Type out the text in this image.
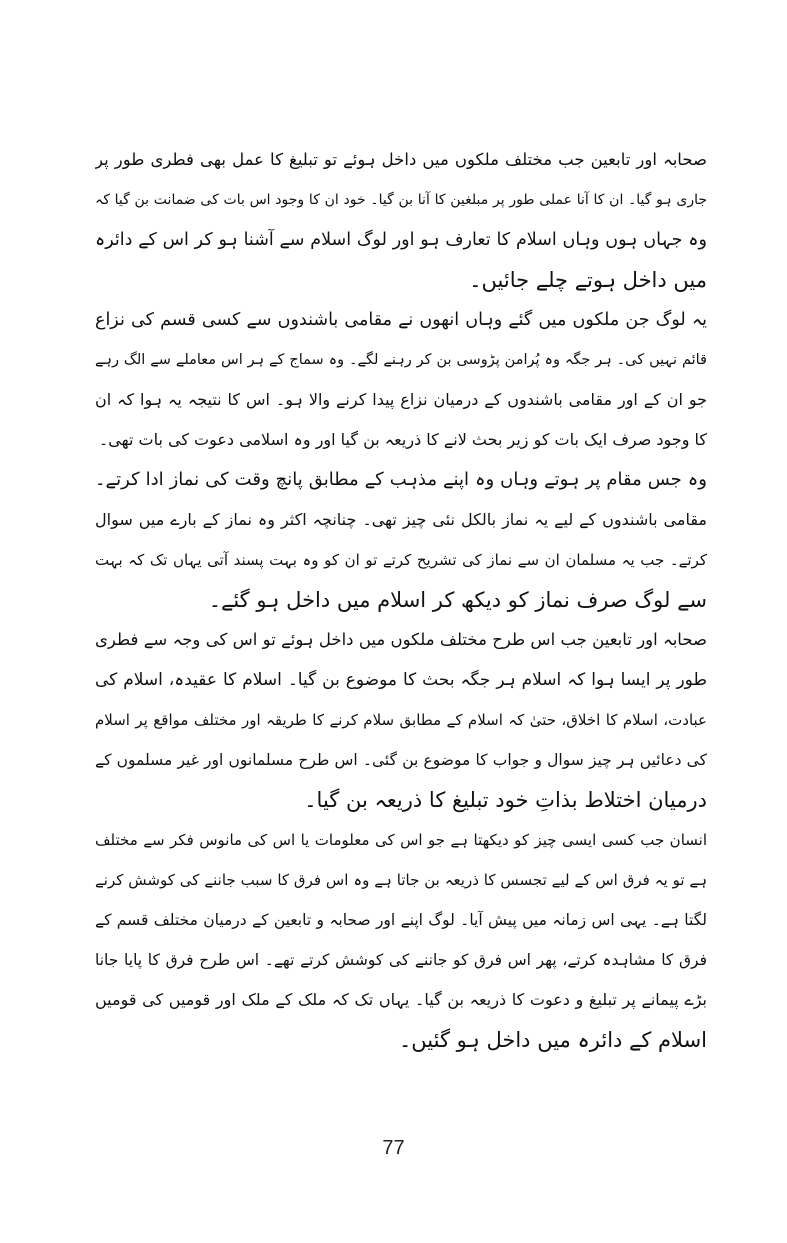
صحابہ اور تابعین جب مختلف ملکوں میں داخل ہوئے تو تبلیغ کا عمل بھی فطری طور پر
جاری ہو گیا۔ ان کا آنا عملی طور پر مبلغین کا آنا بن گیا۔ خود ان کا وجود اس بات کی ضمانت بن گیا کہ
وہ جہاں ہوں وہاں اسلام کا تعارف ہو اور لوگ اسلام سے آشنا ہو کر اس کے دائرہ
میں داخل ہوتے چلے جائیں۔
یہ لوگ جن ملکوں میں گئے وہاں انھوں نے مقامی باشندوں سے کسی قسم کی نزاع
قائم نہیں کی۔ ہر جگہ وہ پُرامن پڑوسی بن کر رہنے لگے۔ وہ سماج کے ہر اس معاملے سے الگ رہے
جو ان کے اور مقامی باشندوں کے درمیان نزاع پیدا کرنے والا ہو۔ اس کا نتیجہ یہ ہوا کہ ان
کا وجود صرف ایک بات کو زیر بحث لانے کا ذریعہ بن گیا اور وہ اسلامی دعوت کی بات تھی۔
وہ جس مقام پر ہوتے وہاں وہ اپنے مذہب کے مطابق پانچ وقت کی نماز ادا کرتے۔
مقامی باشندوں کے لیے یہ نماز بالکل نئی چیز تھی۔ چنانچہ اکثر وہ نماز کے بارے میں سوال
کرتے۔ جب یہ مسلمان ان سے نماز کی تشریح کرتے تو ان کو وہ بہت پسند آتی یہاں تک کہ بہت
سے لوگ صرف نماز کو دیکھ کر اسلام میں داخل ہو گئے۔
صحابہ اور تابعین جب اس طرح مختلف ملکوں میں داخل ہوئے تو اس کی وجہ سے فطری
طور پر ایسا ہوا کہ اسلام ہر جگہ بحث کا موضوع بن گیا۔ اسلام کا عقیدہ، اسلام کی
عبادت، اسلام کا اخلاق، حتیٰ کہ اسلام کے مطابق سلام کرنے کا طریقہ اور مختلف مواقع پر اسلام
کی دعائیں ہر چیز سوال و جواب کا موضوع بن گئی۔ اس طرح مسلمانوں اور غیر مسلموں کے
درمیان اختلاط بذاتِ خود تبلیغ کا ذریعہ بن گیا۔
انسان جب کسی ایسی چیز کو دیکھتا ہے جو اس کی معلومات یا اس کی مانوس فکر سے مختلف
ہے تو یہ فرق اس کے لیے تجسس کا ذریعہ بن جاتا ہے وہ اس فرق کا سبب جاننے کی کوشش کرنے
لگتا ہے۔ یہی اس زمانہ میں پیش آیا۔ لوگ اپنے اور صحابہ و تابعین کے درمیان مختلف قسم کے
فرق کا مشاہدہ کرتے، پھر اس فرق کو جاننے کی کوشش کرتے تھے۔ اس طرح فرق کا پایا جانا
بڑے پیمانے پر تبلیغ و دعوت کا ذریعہ بن گیا۔ یہاں تک کہ ملک کے ملک اور قومیں کی قومیں
اسلام کے دائرہ میں داخل ہو گئیں۔
77
